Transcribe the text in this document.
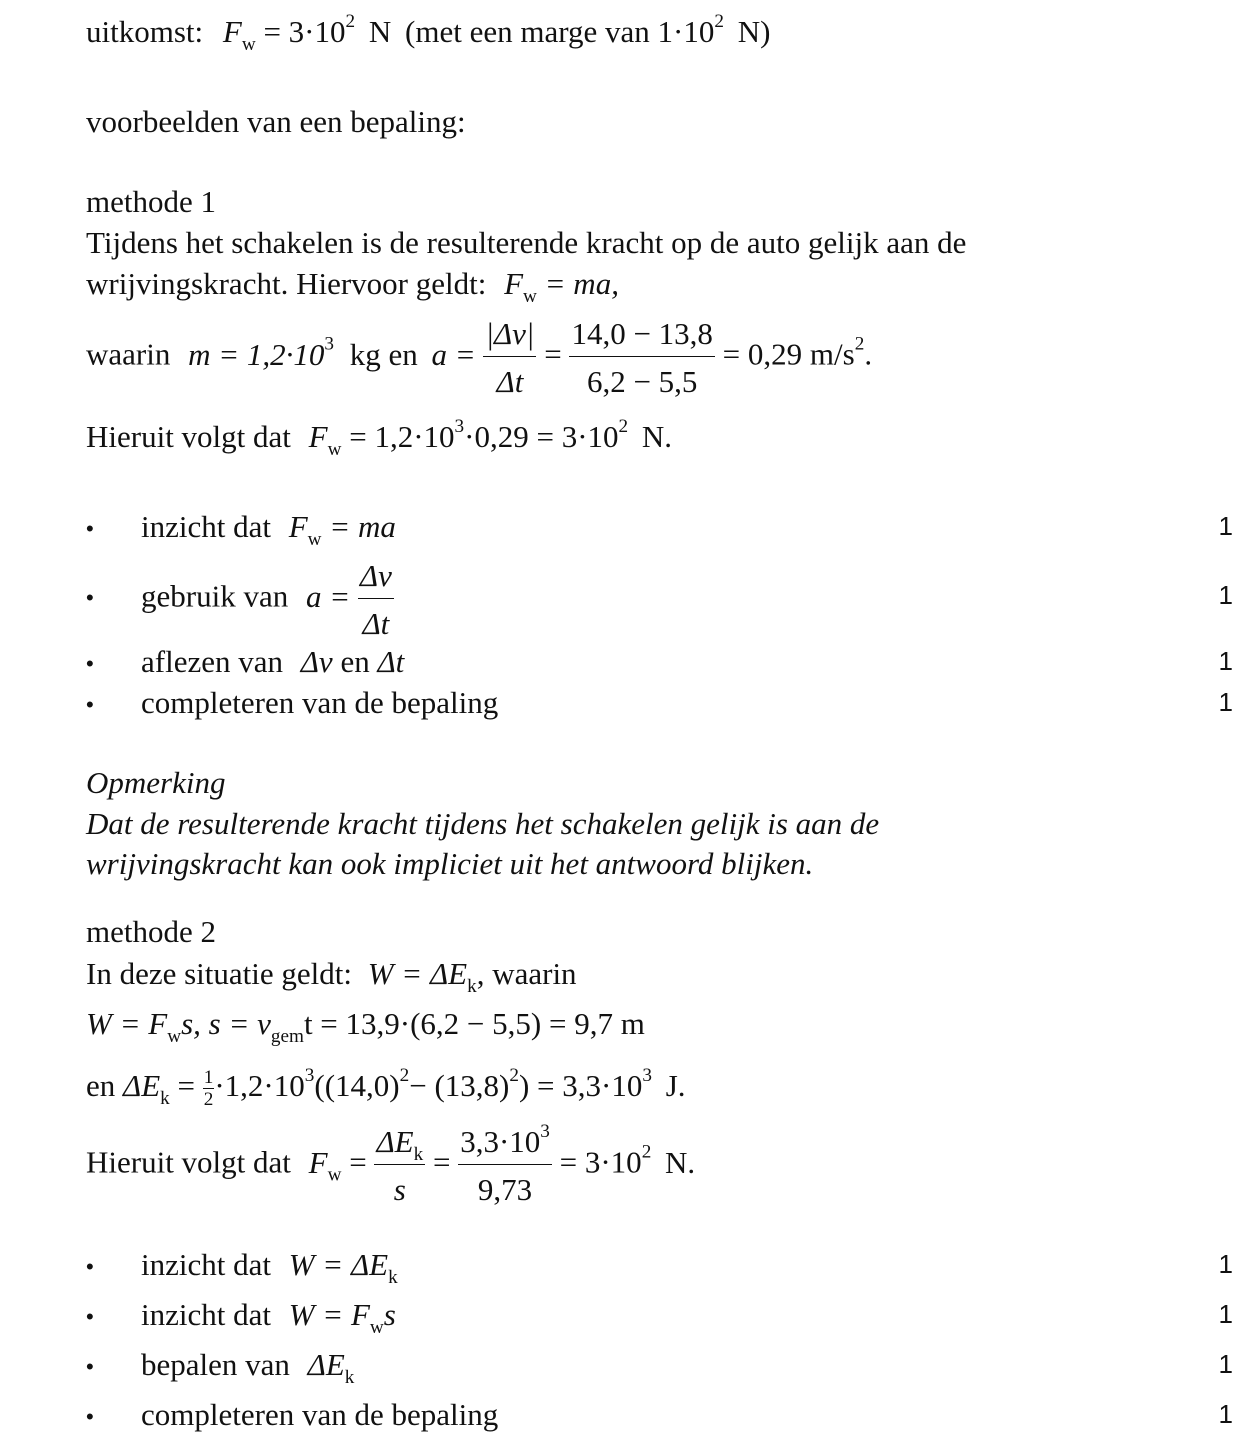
uitkomst: $F_w = 3\cdot 10^2$ N (met een marge van $1\cdot 10^2$ N)
voorbeelden van een bepaling:
methode 1
Tijdens het schakelen is de resulterende kracht op de auto gelijk aan de
wrijvingskracht. Hiervoor geldt: $F_w$ = ma,
waarin $m = 1,2\cdot 10^3$ kg en $a = \frac{|\Delta v|}{\Delta t} = \frac{14,0 - 13,8}{6,2 - 5,5} = 0,29$ $m/s^2$.
Hieruit volgt dat $F_w = 1,2\cdot 10^3\cdot 0,29 = 3\cdot 10^2$ N.
• inzicht dat $F_w$ = ma	1
• gebruik van $a = \frac{\Delta v}{\Delta t}$	1
• aflezen van Δv en Δt	1
• completeren van de bepaling	1
Opmerking
Dat de resulterende kracht tijdens het schakelen gelijk is aan de
wrijvingskracht kan ook impliciet uit het antwoord blijken.
methode 2
In deze situatie geldt: $W = \Delta E_k$, waarin
$W = F_ws$, $s = v_{gem}t = 13,9\cdot(6,2 - 5,5) = 9,7$ m
en $\Delta E_k = \frac{1}{2} \cdot 1,2\cdot 10^3((14,0)^2- (13,8)^2) = 3,3\cdot 10^3$ J.
Hieruit volgt dat $F_w = \frac{\Delta E_k}{s} = \frac{3,3\cdot 10^3}{9,73} = 3\cdot 10^2$ N.
• inzicht dat $W = \Delta E_k$	1
• inzicht dat $W = F_ws$	1
• bepalen van $\Delta E_k$	1
• completeren van de bepaling	1
